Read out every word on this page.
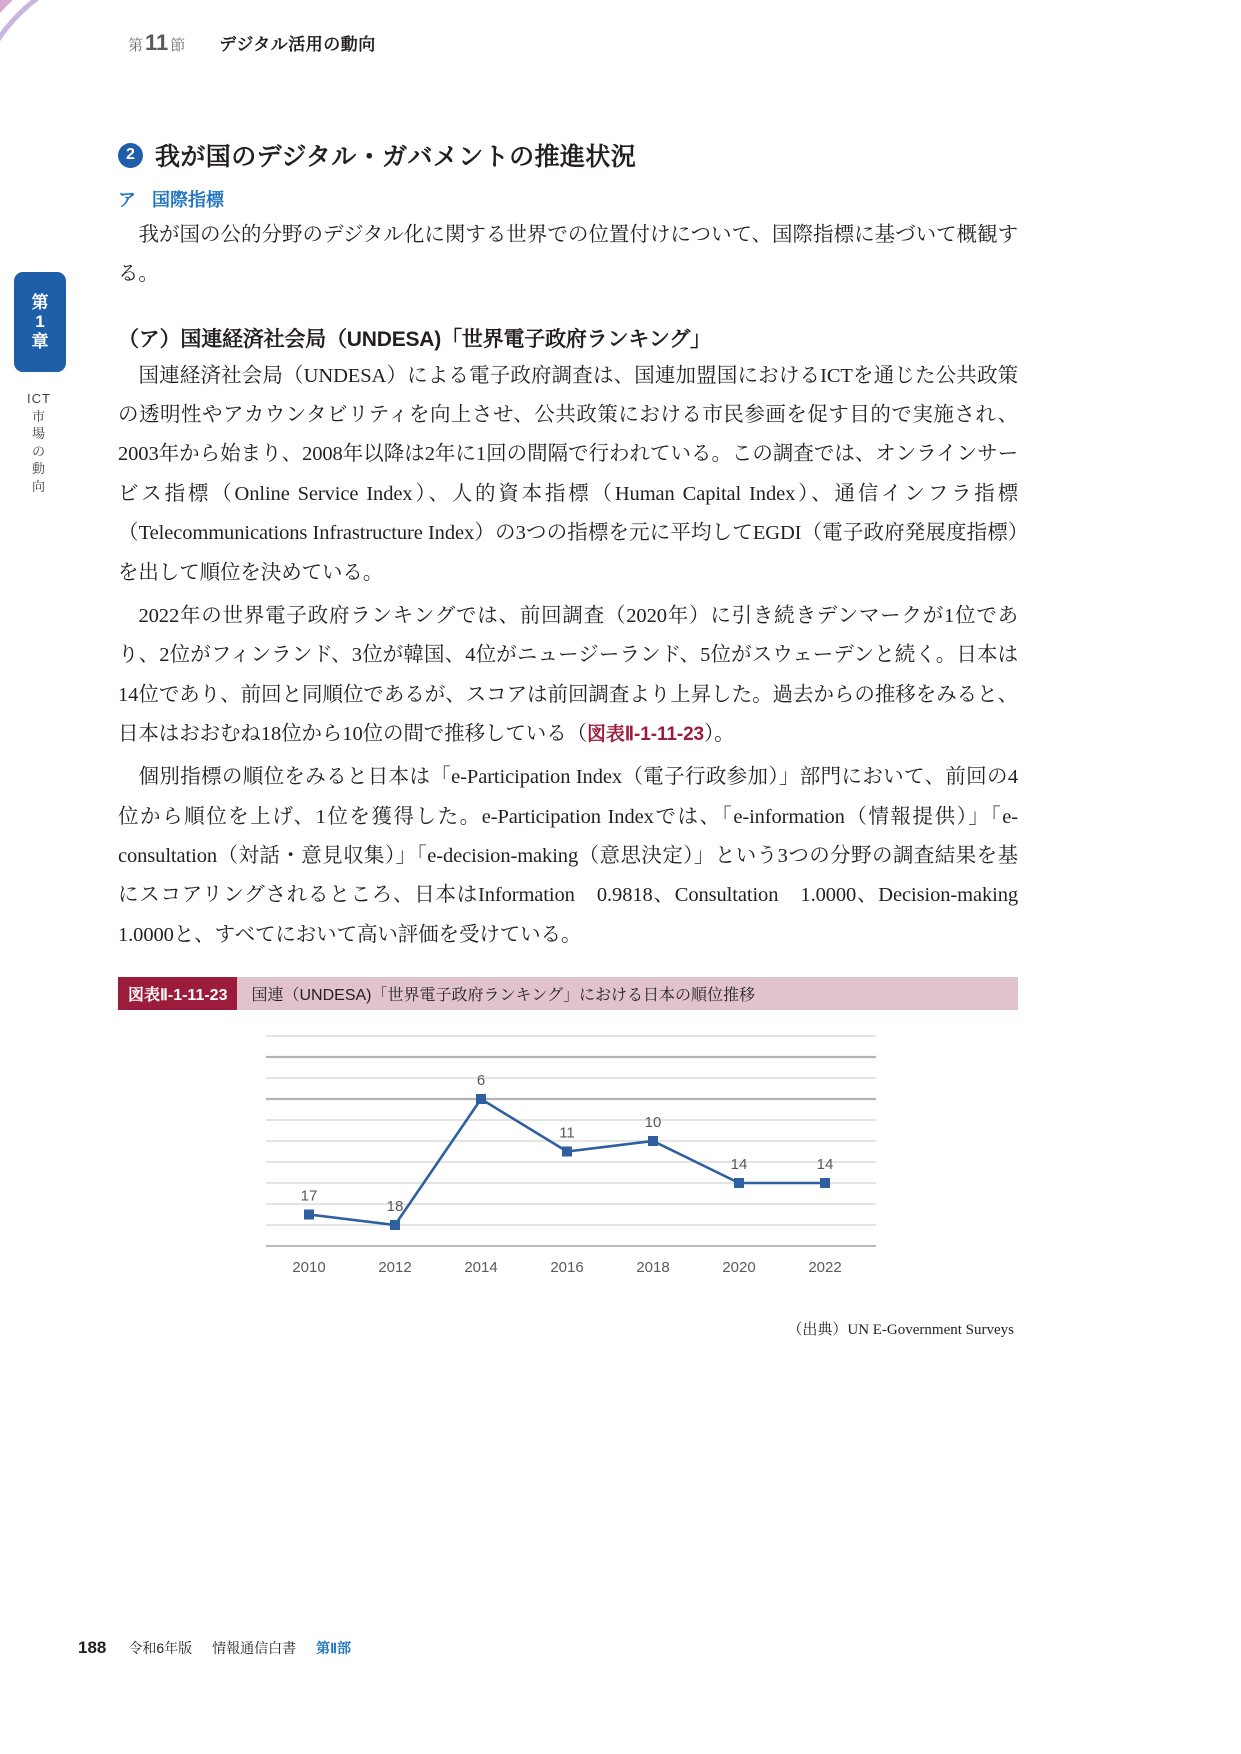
第 11 節 デジタル活用の動向
第
1
章
ICT市場の動向
2 我が国のデジタル・ガバメントの推進状況
ア 国際指標

我が国の公的分野のデジタル化に関する世界での位置付けについて、国際指標に基づいて概観する。

（ア）国連経済社会局（UNDESA)「世界電子政府ランキング」

国連経済社会局（UNDESA）による電子政府調査は、国連加盟国におけるICTを通じた公共政策の透明性やアカウンタビリティを向上させ、公共政策における市民参画を促す目的で実施され、2003年から始まり、2008年以降は2年に1回の間隔で行われている。この調査では、オンラインサービス指標（Online Service Index）、人的資本指標（Human Capital Index）、通信インフラ指標（Telecommunications Infrastructure Index）の3つの指標を元に平均してEGDI（電子政府発展度指標）を出して順位を決めている。

2022年の世界電子政府ランキングでは、前回調査（2020年）に引き続きデンマークが1位であり、2位がフィンランド、3位が韓国、4位がニュージーランド、5位がスウェーデンと続く。日本は14位であり、前回と同順位であるが、スコアは前回調査より上昇した。過去からの推移をみると、日本はおおむね18位から10位の間で推移している（図表Ⅱ-1-11-23）。

個別指標の順位をみると日本は「e-Participation Index（電子行政参加）」部門において、前回の4位から順位を上げ、1位を獲得した。e-Participation Indexでは、「e-information（情報提供）」「e-consultation（対話・意見収集）」「e-decision-making（意思決定）」という3つの分野の調査結果を基にスコアリングされるところ、日本はInformation　0.9818、Consultation　1.0000、Decision-making　1.0000と、すべてにおいて高い評価を受けている。

図表Ⅱ-1-11-23	国連（UNDESA)「世界電子政府ランキング」における日本の順位推移
17
18
6
11
10
14	14
2010	2012	2014	2016	2018	2020	2022
（出典）UN E-Government Surveys
188 令和6年版 情報通信白書 第Ⅱ部
